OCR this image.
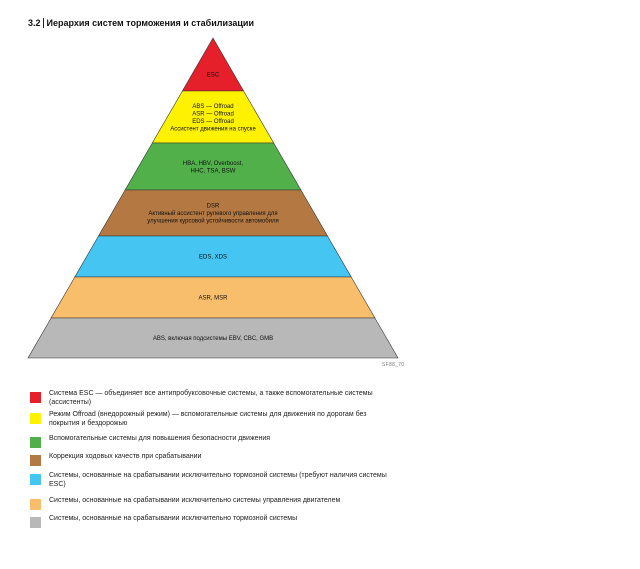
3.2 Иерархия систем торможения и стабилизации
ESC
ABS — Offroad
ASR — Offroad
EDS — Offroad
Ассистент движения на спуске
HBA, HBV, Overboost,
HHC, TSA, BSW
DSR
Активный ассистент рулевого управления для
улучшения курсовой устойчивости автомобиля
EDS, XDS
ASR, MSR
ABS, включая подсистемы EBV, CBC, GMB
SF88_70
Система ESC — объединяет все антипробуксовочные системы, а также вспомогательные системы (ассистенты)
Режим Offroad (внедорожный режим) — вспомогательные системы для движения по дорогам без покрытия и бездорожью
Вспомогательные системы для повышения безопасности движения
Коррекция ходовых качеств при срабатывании
Системы, основанные на срабатывании исключительно тормозной системы (требуют наличия системы ESC)
Системы, основанные на срабатывании исключительно системы управления двигателем
Системы, основанные на срабатывании исключительно тормозной системы
